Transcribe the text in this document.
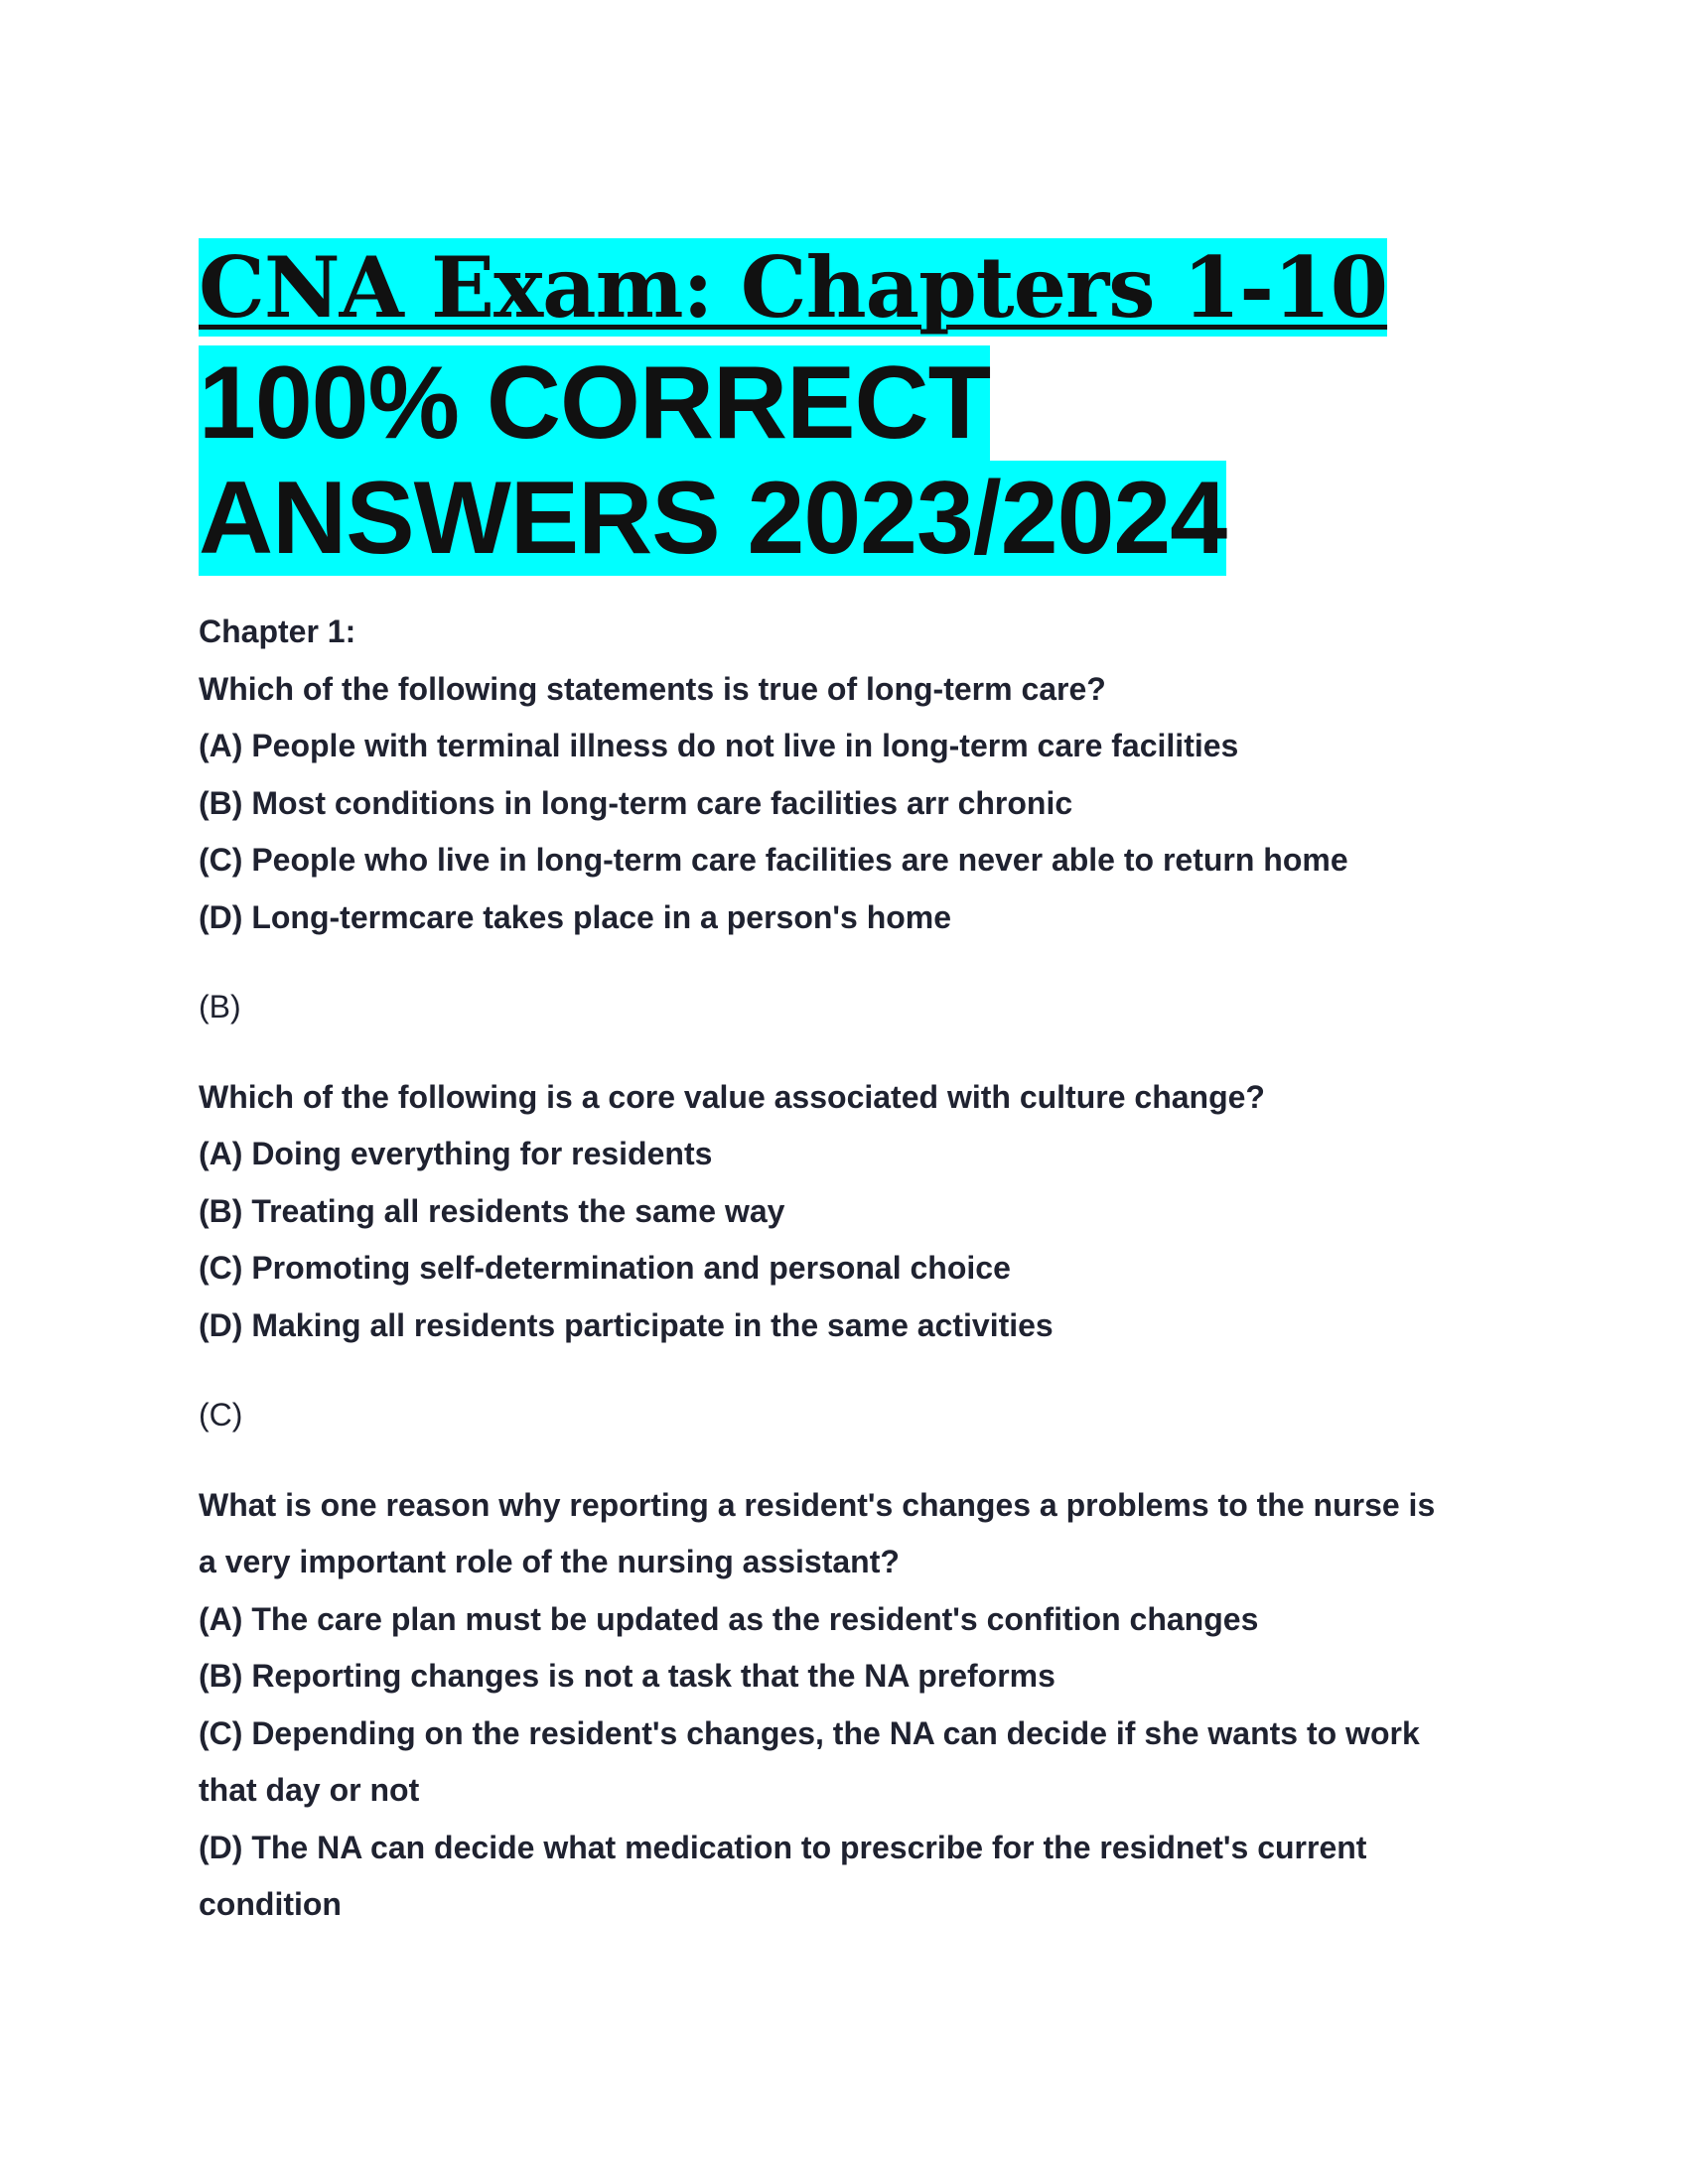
CNA Exam: Chapters 1-10
100% CORRECT
ANSWERS 2023/2024

Chapter 1:

Which of the following statements is true of long-term care?

(A) People with terminal illness do not live in long-term care facilities

(B) Most conditions in long-term care facilities arr chronic

(C) People who live in long-term care facilities are never able to return home

(D) Long-termcare takes place in a person's home

(B)

Which of the following is a core value associated with culture change?

(A) Doing everything for residents

(B) Treating all residents the same way

(C) Promoting self-determination and personal choice

(D) Making all residents participate in the same activities

(C)

What is one reason why reporting a resident's changes a problems to the nurse is

a very important role of the nursing assistant?

(A) The care plan must be updated as the resident's confition changes

(B) Reporting changes is not a task that the NA preforms

(C) Depending on the resident's changes, the NA can decide if she wants to work

that day or not

(D) The NA can decide what medication to prescribe for the residnet's current

condition
